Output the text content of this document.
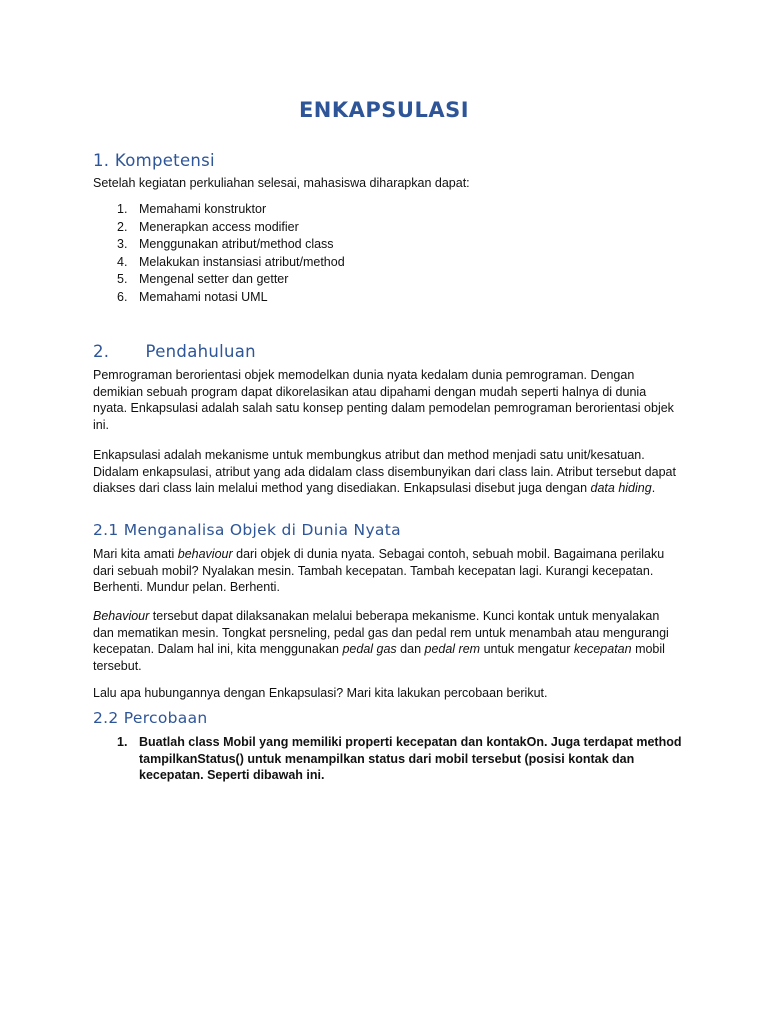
ENKAPSULASI
1. Kompetensi
Setelah kegiatan perkuliahan selesai, mahasiswa diharapkan dapat:
1. Memahami konstruktor
2. Menerapkan access modifier
3. Menggunakan atribut/method class
4. Melakukan instansiasi atribut/method
5. Mengenal setter dan getter
6. Memahami notasi UML
2. Pendahuluan
Pemrograman berorientasi objek memodelkan dunia nyata kedalam dunia pemrograman. Dengan demikian sebuah program dapat dikorelasikan atau dipahami dengan mudah seperti halnya di dunia nyata. Enkapsulasi adalah salah satu konsep penting dalam pemodelan pemrograman berorientasi objek ini.
Enkapsulasi adalah mekanisme untuk membungkus atribut dan method menjadi satu unit/kesatuan. Didalam enkapsulasi, atribut yang ada didalam class disembunyikan dari class lain. Atribut tersebut dapat diakses dari class lain melalui method yang disediakan. Enkapsulasi disebut juga dengan data hiding.
2.1 Menganalisa Objek di Dunia Nyata
Mari kita amati behaviour dari objek di dunia nyata. Sebagai contoh, sebuah mobil. Bagaimana perilaku dari sebuah mobil? Nyalakan mesin. Tambah kecepatan. Tambah kecepatan lagi. Kurangi kecepatan. Berhenti. Mundur pelan. Berhenti.
Behaviour tersebut dapat dilaksanakan melalui beberapa mekanisme. Kunci kontak untuk menyalakan dan mematikan mesin. Tongkat persneling, pedal gas dan pedal rem untuk menambah atau mengurangi kecepatan. Dalam hal ini, kita menggunakan pedal gas dan pedal rem untuk mengatur kecepatan mobil tersebut.
Lalu apa hubungannya dengan Enkapsulasi? Mari kita lakukan percobaan berikut.
2.2 Percobaan
1. Buatlah class Mobil yang memiliki properti kecepatan dan kontakOn. Juga terdapat method tampilkanStatus() untuk menampilkan status dari mobil tersebut (posisi kontak dan kecepatan. Seperti dibawah ini.
